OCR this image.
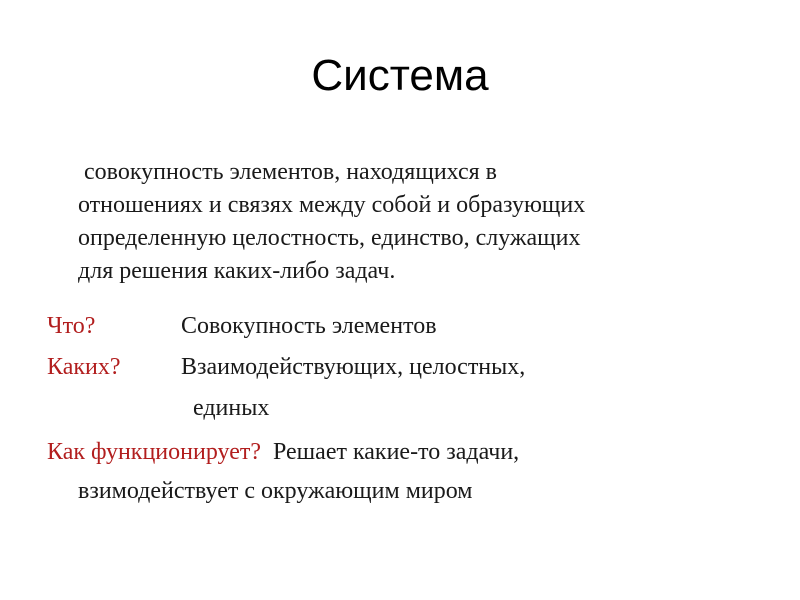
Система
совокупность элементов, находящихся в
отношениях и связях между собой и образующих
определенную целостность, единство, служащих
для решения каких-либо задач.
Что?	Совокупность элементов
Каких?	Взаимодействующих, целостных,
единых
Как функционирует? Решает какие-то задачи,
взимодействует с окружающим миром
